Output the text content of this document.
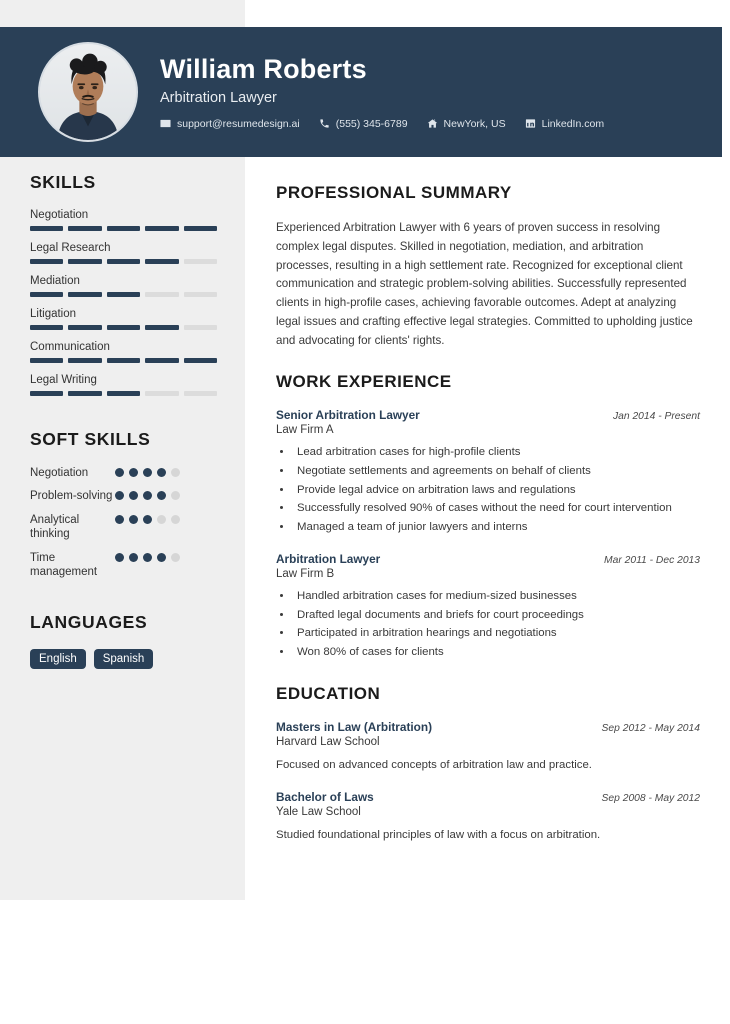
William Roberts
Arbitration Lawyer
support@resumedesign.ai	(555) 345-6789	NewYork, US	LinkedIn.com
SKILLS
Negotiation
Legal Research
Mediation
Litigation
Communication
Legal Writing
SOFT SKILLS
Negotiation
Problem-solving
Analytical thinking
Time management
LANGUAGES
English	Spanish
PROFESSIONAL SUMMARY
Experienced Arbitration Lawyer with 6 years of proven success in resolving complex legal disputes. Skilled in negotiation, mediation, and arbitration processes, resulting in a high settlement rate. Recognized for exceptional client communication and strategic problem-solving abilities. Successfully represented clients in high-profile cases, achieving favorable outcomes. Adept at analyzing legal issues and crafting effective legal strategies. Committed to upholding justice and advocating for clients' rights.
WORK EXPERIENCE
Senior Arbitration Lawyer	Jan 2014 - Present
Law Firm A
• Lead arbitration cases for high-profile clients
• Negotiate settlements and agreements on behalf of clients
• Provide legal advice on arbitration laws and regulations
• Successfully resolved 90% of cases without the need for court intervention
• Managed a team of junior lawyers and interns
Arbitration Lawyer	Mar 2011 - Dec 2013
Law Firm B
• Handled arbitration cases for medium-sized businesses
• Drafted legal documents and briefs for court proceedings
• Participated in arbitration hearings and negotiations
• Won 80% of cases for clients
EDUCATION
Masters in Law (Arbitration)	Sep 2012 - May 2014
Harvard Law School
Focused on advanced concepts of arbitration law and practice.
Bachelor of Laws	Sep 2008 - May 2012
Yale Law School
Studied foundational principles of law with a focus on arbitration.
